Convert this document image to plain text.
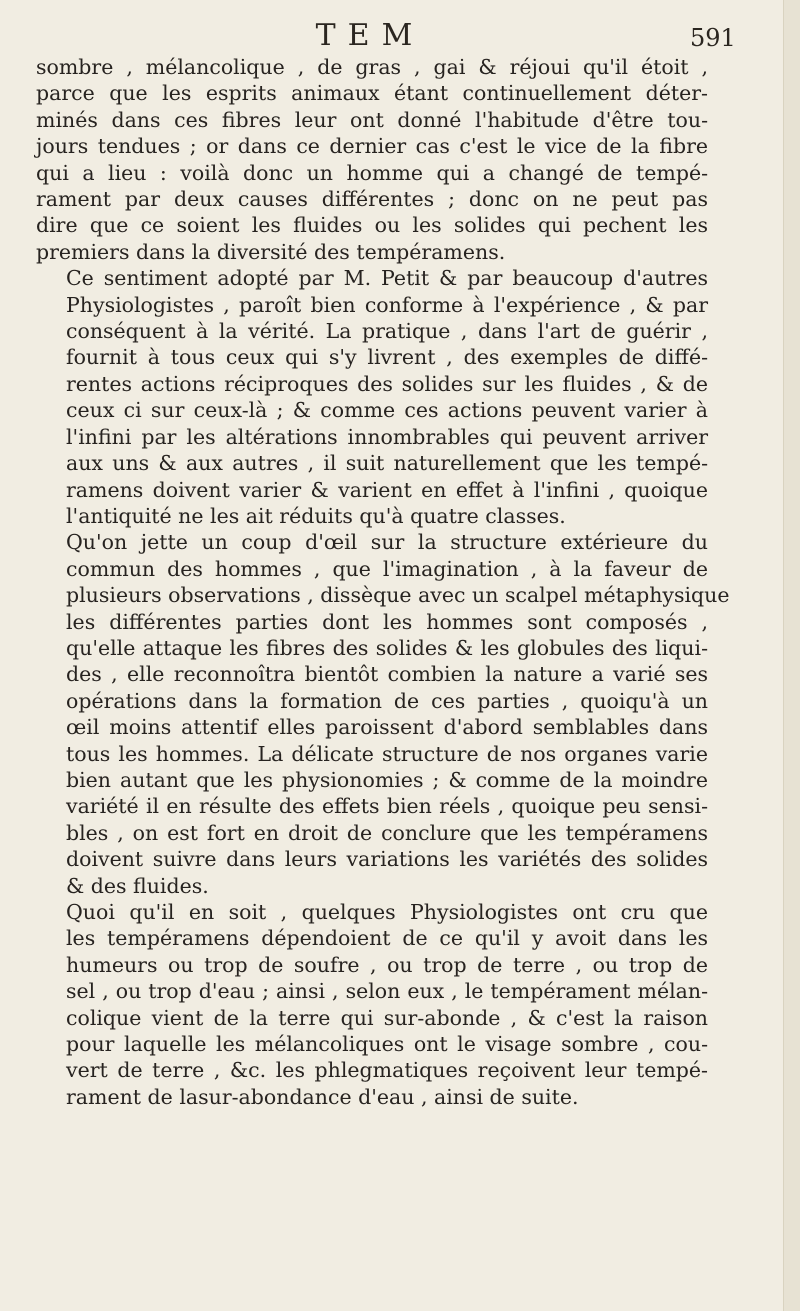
TEM	591

sombre , mélancolique , de gras , gai & réjoui qu'il étoit ,
parce que les esprits animaux étant continuellement déter-
minés dans ces fibres leur ont donné l'habitude d'être tou-
jours tendues ; or dans ce dernier cas c'est le vice de la fibre
qui a lieu : voilà donc un homme qui a changé de tempé-
rament par deux causes différentes ; donc on ne peut pas
dire que ce soient les fluides ou les solides qui pechent les
premiers dans la diversité des tempéramens.

Ce sentiment adopté par M. Petit & par beaucoup d'autres
Physiologistes , paroît bien conforme à l'expérience , & par
conséquent à la vérité. La pratique , dans l'art de guérir ,
fournit à tous ceux qui s'y livrent , des exemples de diffé-
rentes actions réciproques des solides sur les fluides , & de
ceux ci sur ceux-là ; & comme ces actions peuvent varier à
l'infini par les altérations innombrables qui peuvent arriver
aux uns & aux autres , il suit naturellement que les tempé-
ramens doivent varier & varient en effet à l'infini , quoique
l'antiquité ne les ait réduits qu'à quatre classes.

Qu'on jette un coup d'œil sur la structure extérieure du
commun des hommes , que l'imagination , à la faveur de
plusieurs observations , dissèque avec un scalpel métaphysique
les différentes parties dont les hommes sont composés ,
qu'elle attaque les fibres des solides & les globules des liqui-
des , elle reconnoîtra bientôt combien la nature a varié ses
opérations dans la formation de ces parties , quoiqu'à un
œil moins attentif elles paroissent d'abord semblables dans
tous les hommes. La délicate structure de nos organes varie
bien autant que les physionomies ; & comme de la moindre
variété il en résulte des effets bien réels , quoique peu sensi-
bles , on est fort en droit de conclure que les tempéramens
doivent suivre dans leurs variations les variétés des solides
& des fluides.

Quoi qu'il en soit , quelques Physiologistes ont cru que
les tempéramens dépendoient de ce qu'il y avoit dans les
humeurs ou trop de soufre , ou trop de terre , ou trop de
sel , ou trop d'eau ; ainsi , selon eux , le tempérament mélan-
colique vient de la terre qui sur-abonde , & c'est la raison
pour laquelle les mélancoliques ont le visage sombre , cou-
vert de terre , &c. les phlegmatiques reçoivent leur tempé-
rament de lasur-abondance d'eau , ainsi de suite.
